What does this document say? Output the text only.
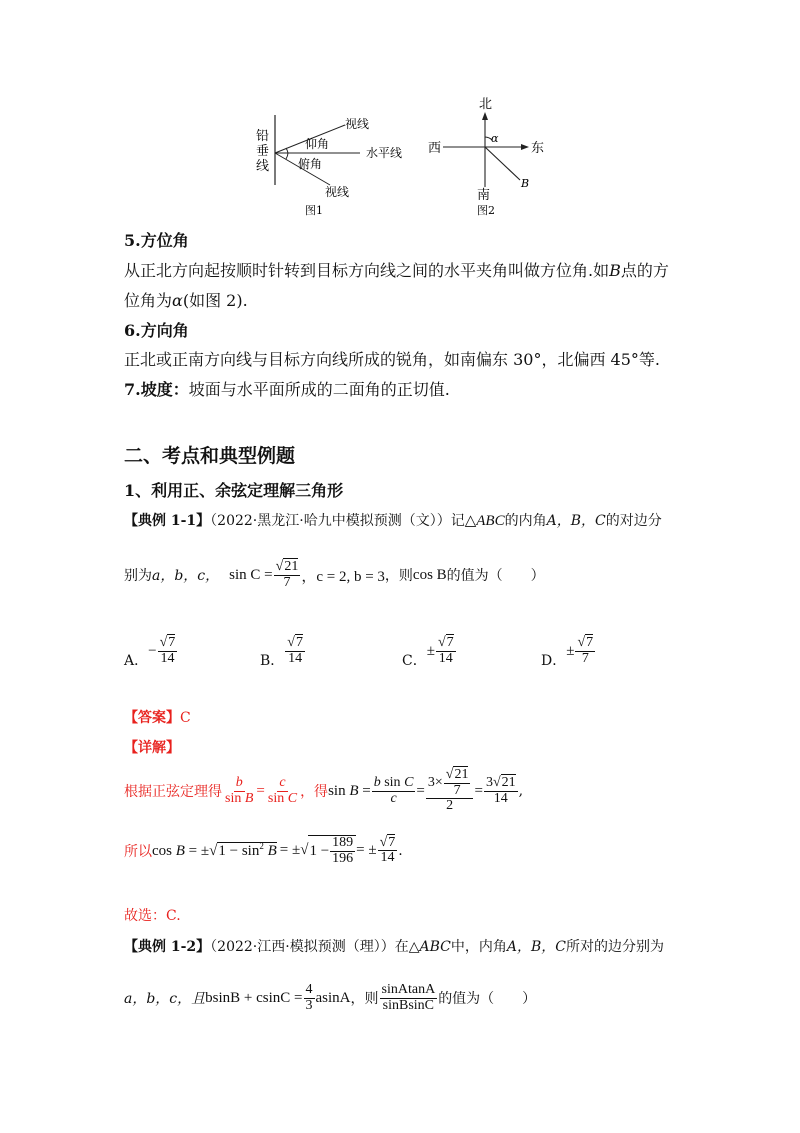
铅
垂
线
视线
仰角
水平线
俯角
视线
图1
北
西	东
南
α
B
图2
5.方位角
从正北方向起按顺时针转到目标方向线之间的水平夹角叫做方位角.如B点的方
位角为α(如图 2).
6.方向角
正北或正南方向线与目标方向线所成的锐角，如南偏东 30°，北偏西 45°等.
7.坡度：坡面与水平面所成的二面角的正切值.
二、考点和典型例题
1、利用正、余弦定理解三角形
【典例 1-1】（2022·黑龙江·哈九中模拟预测（文））记△ABC的内角A，B，C的对边分
别为 a，b，c， $\sin C = \frac{√21}{7}$ ，c = 2, b = 3 ，则 cos B 的值为（　　）
A．
− $\frac{√7}{14}$	B． $\frac{√7}{14}$	C．
± $\frac{√7}{14}$	D．
± $\frac{√7}{7}$
【答案】C
【详解】
根据正弦定理得 $\frac{b}{\text{sin B}} = \frac{c}{\text{sin C}}$ ，得 $\sin B = \frac{\text{b sin C}}{c} = \frac{3\times \frac{√21}{7}}{2} = \frac{3√21}{14}$ ,
所以 $\cos B = \pm√1 - \sin^2 B$ = ±√ $1 - \frac{189}{196}$ = ± $\frac{√7}{14}$ .
故选：C.
【典例 1-2】（2022·江西·模拟预测（理））在△ABC中，内角A，B，C所对的边分别为
a，b，c，且 $bsinB + csinC = \frac{4}{3}$ asinA ，则 $\frac{\text{sinAtanA}}{\text{sinBsinC}}$ 的值为（　　）
